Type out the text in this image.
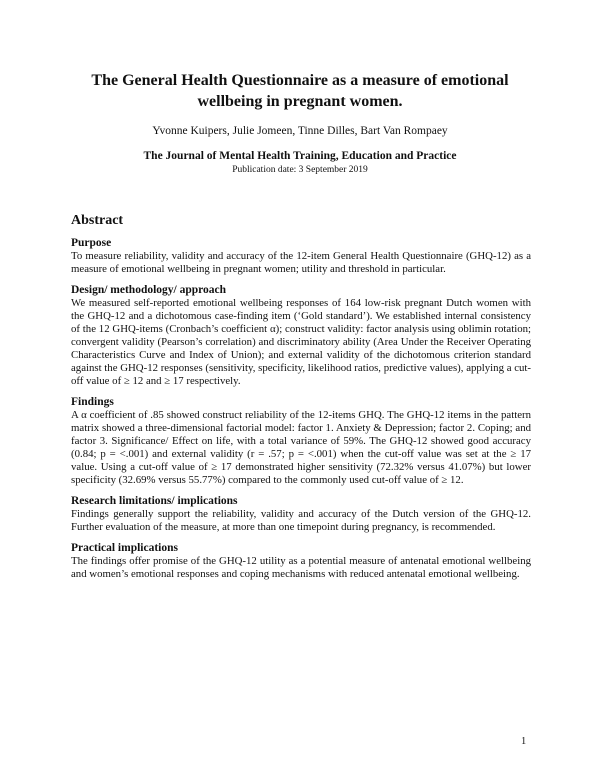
The General Health Questionnaire as a measure of emotional
wellbeing in pregnant women.
Yvonne Kuipers, Julie Jomeen, Tinne Dilles, Bart Van Rompaey
The Journal of Mental Health Training, Education and Practice
Publication date: 3 September 2019
Abstract
Purpose

To measure reliability, validity and accuracy of the 12-item General Health Questionnaire (GHQ-12) as a measure of emotional wellbeing in pregnant women; utility and threshold in particular.

Design/ methodology/ approach

We measured self-reported emotional wellbeing responses of 164 low-risk pregnant Dutch women with the GHQ-12 and a dichotomous case-finding item (‘Gold standard’). We established internal consistency of the 12 GHQ-items (Cronbach’s coefficient α); construct validity: factor analysis using oblimin rotation; convergent validity (Pearson’s correlation) and discriminatory ability (Area Under the Receiver Operating Characteristics Curve and Index of Union); and external validity of the dichotomous criterion standard against the GHQ-12 responses (sensitivity, specificity, likelihood ratios, predictive values), applying a cut-off value of ≥ 12 and ≥ 17 respectively.

Findings

A α coefficient of .85 showed construct reliability of the 12-items GHQ. The GHQ-12 items in the pattern matrix showed a three-dimensional factorial model: factor 1. Anxiety & Depression; factor 2. Coping; and factor 3. Significance/ Effect on life, with a total variance of 59%. The GHQ-12 showed good accuracy (0.84; p = <.001) and external validity (r = .57; p = <.001) when the cut-off value was set at the ≥ 17 value. Using a cut-off value of ≥ 17 demonstrated higher sensitivity (72.32% versus 41.07%) but lower specificity (32.69% versus 55.77%) compared to the commonly used cut-off value of ≥ 12.

Research limitations/ implications

Findings generally support the reliability, validity and accuracy of the Dutch version of the GHQ-12. Further evaluation of the measure, at more than one timepoint during pregnancy, is recommended.

Practical implications

The findings offer promise of the GHQ-12 utility as a potential measure of antenatal emotional wellbeing and women’s emotional responses and coping mechanisms with reduced antenatal emotional wellbeing.

1
